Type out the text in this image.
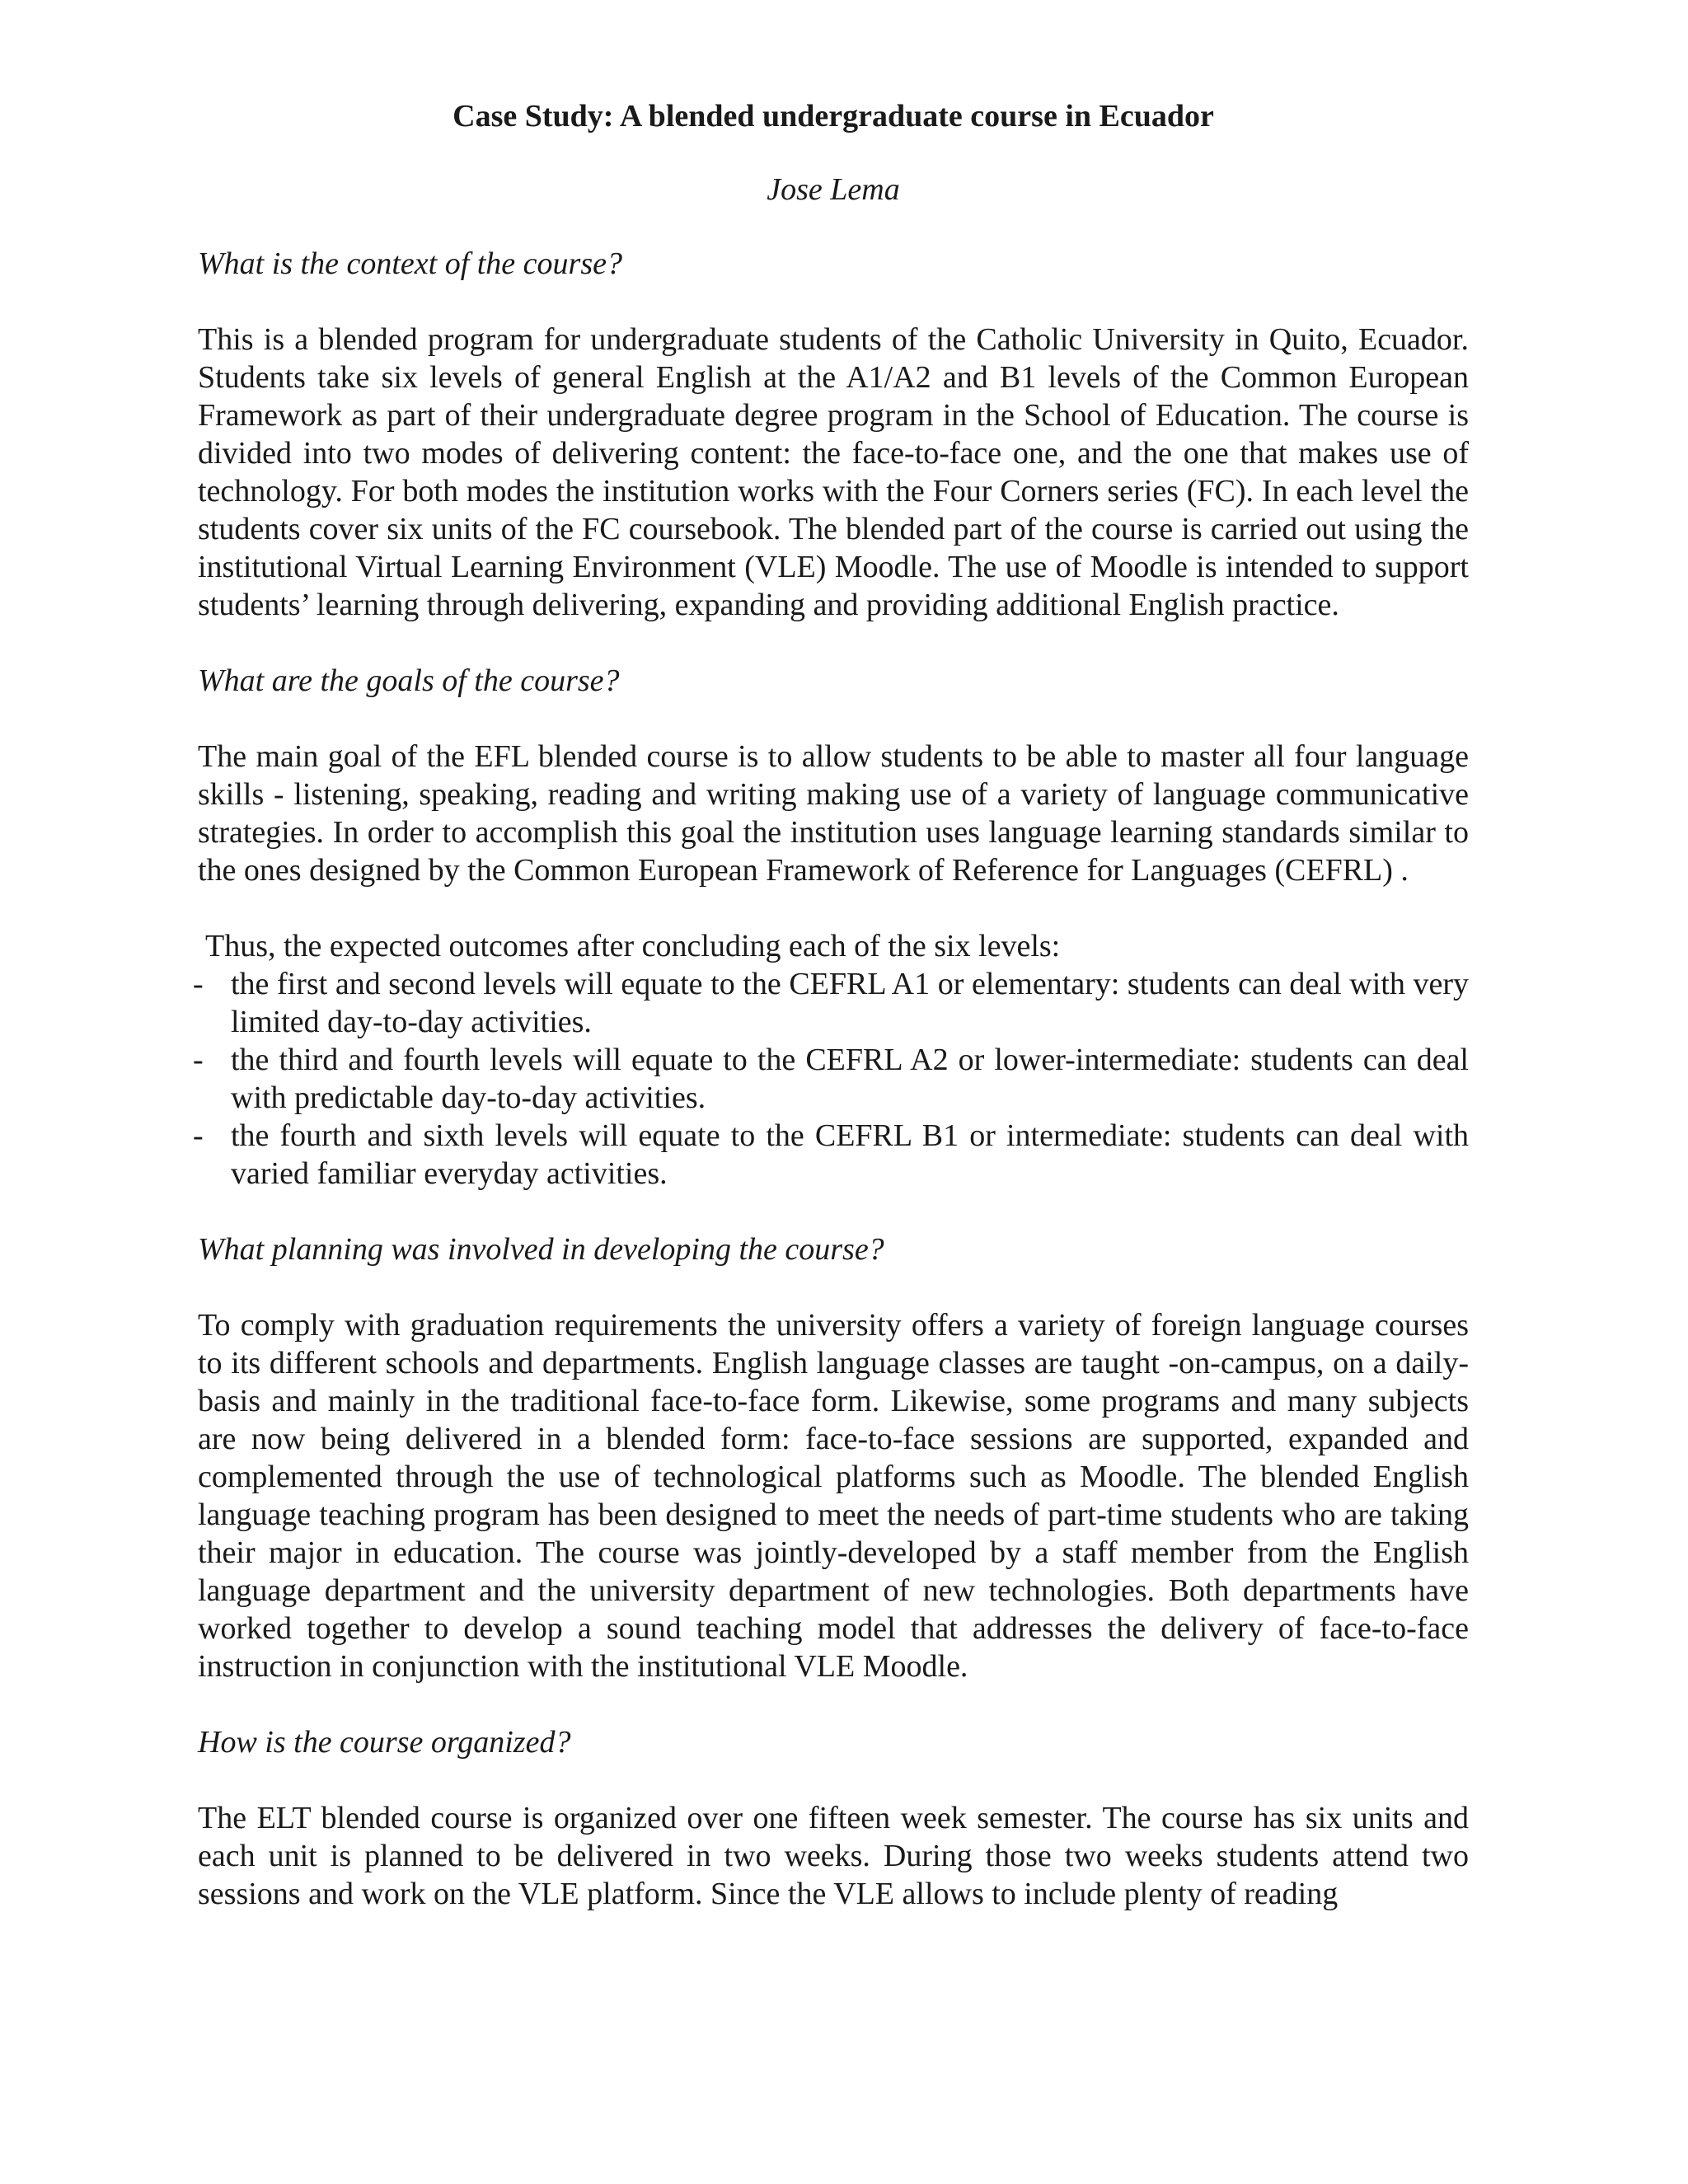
Case Study: A blended undergraduate course in Ecuador
Jose Lema
What is the context of the course?

This is a blended program for undergraduate students of the Catholic University in Quito, Ecuador. Students take six levels of general English at the A1/A2 and B1 levels of the Common European Framework as part of their undergraduate degree program in the School of Education. The course is divided into two modes of delivering content: the face-to-face one, and the one that makes use of technology. For both modes the institution works with the Four Corners series (FC). In each level the students cover six units of the FC coursebook. The blended part of the course is carried out using the institutional Virtual Learning Environment (VLE) Moodle. The use of Moodle is intended to support students’ learning through delivering, expanding and providing additional English practice.

What are the goals of the course?

The main goal of the EFL blended course is to allow students to be able to master all four language skills - listening, speaking, reading and writing making use of a variety of language communicative strategies. In order to accomplish this goal the institution uses language learning standards similar to the ones designed by the Common European Framework of Reference for Languages (CEFRL) .

Thus, the expected outcomes after concluding each of the six levels:

- the first and second levels will equate to the CEFRL A1 or elementary: students can deal with very limited day-to-day activities.
- the third and fourth levels will equate to the CEFRL A2 or lower-intermediate: students can deal with predictable day-to-day activities.
- the fourth and sixth levels will equate to the CEFRL B1 or intermediate: students can deal with varied familiar everyday activities.
What planning was involved in developing the course?

To comply with graduation requirements the university offers a variety of foreign language courses to its different schools and departments. English language classes are taught -on-campus, on a daily-basis and mainly in the traditional face-to-face form. Likewise, some programs and many subjects are now being delivered in a blended form: face-to-face sessions are supported, expanded and complemented through the use of technological platforms such as Moodle. The blended English language teaching program has been designed to meet the needs of part-time students who are taking their major in education. The course was jointly-developed by a staff member from the English language department and the university department of new technologies. Both departments have worked together to develop a sound teaching model that addresses the delivery of face-to-face instruction in conjunction with the institutional VLE Moodle.

How is the course organized?

The ELT blended course is organized over one fifteen week semester. The course has six units and each unit is planned to be delivered in two weeks. During those two weeks students attend two sessions and work on the VLE platform. Since the VLE allows to include plenty of reading
